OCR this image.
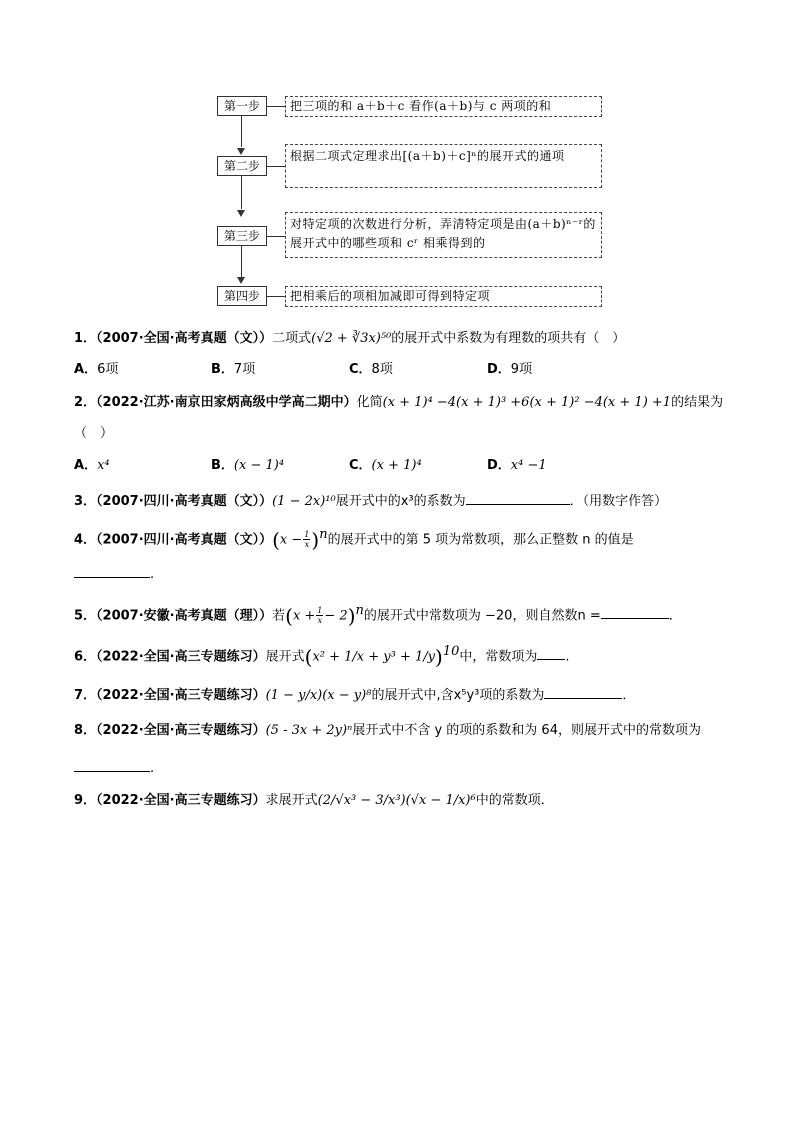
第一步	把三项的和 a＋b＋c 看作(a＋b)与 c 两项的和
第二步
根据二项式定理求出[(a＋b)＋c]ⁿ的展开式的通项
第三步
对特定项的次数进行分析，弄清特定项是由(a＋b)ⁿ⁻ʳ的展开式中的哪些项和 cʳ 相乘得到的
第四步	把相乘后的项相加减即可得到特定项
1．（2007·全国·高考真题（文））二项式(√2 + ∛3x)⁵⁰的展开式中系数为有理数的项共有（　）
A．6项	B．7项	C．8项	D．9项
2．（2022·江苏·南京田家炳高级中学高二期中）化简(x + 1)⁴ −4(x + 1)³ +6(x + 1)² −4(x + 1) +1的结果为
（　）
A．x⁴	B．(x − 1)⁴	C．(x + 1)⁴	D．x⁴ −1
3．（2007·四川·高考真题（文））(1 − 2x)¹⁰展开式中的x³的系数为	．（用数字作答）
4．（2007·四川·高考真题（文））$(x - \frac{1}{x} )^n$的展开式中的第 5 项为常数项，那么正整数 n 的值是
.
5．（2007·安徽·高考真题（理））若$(x + \frac{1}{x} - 2)^n$的展开式中常数项为 −20，则自然数n =	．
6．（2022·全国·高三专题练习）展开式$(x^2 + 1/x + y^3 + 1/y)^{10}$中，常数项为 .
7．（2022·全国·高三专题练习）(1 − y/x)(x − y)⁸的展开式中,含x⁵y³项的系数为	．
8．（2022·全国·高三专题练习）(5 - 3x + 2y)ⁿ展开式中不含 y 的项的系数和为 64，则展开式中的常数项为
.
9．（2022·全国·高三专题练习）求展开式(2/√x³ − 3/x³)(√x − 1/x)⁶中的常数项．
